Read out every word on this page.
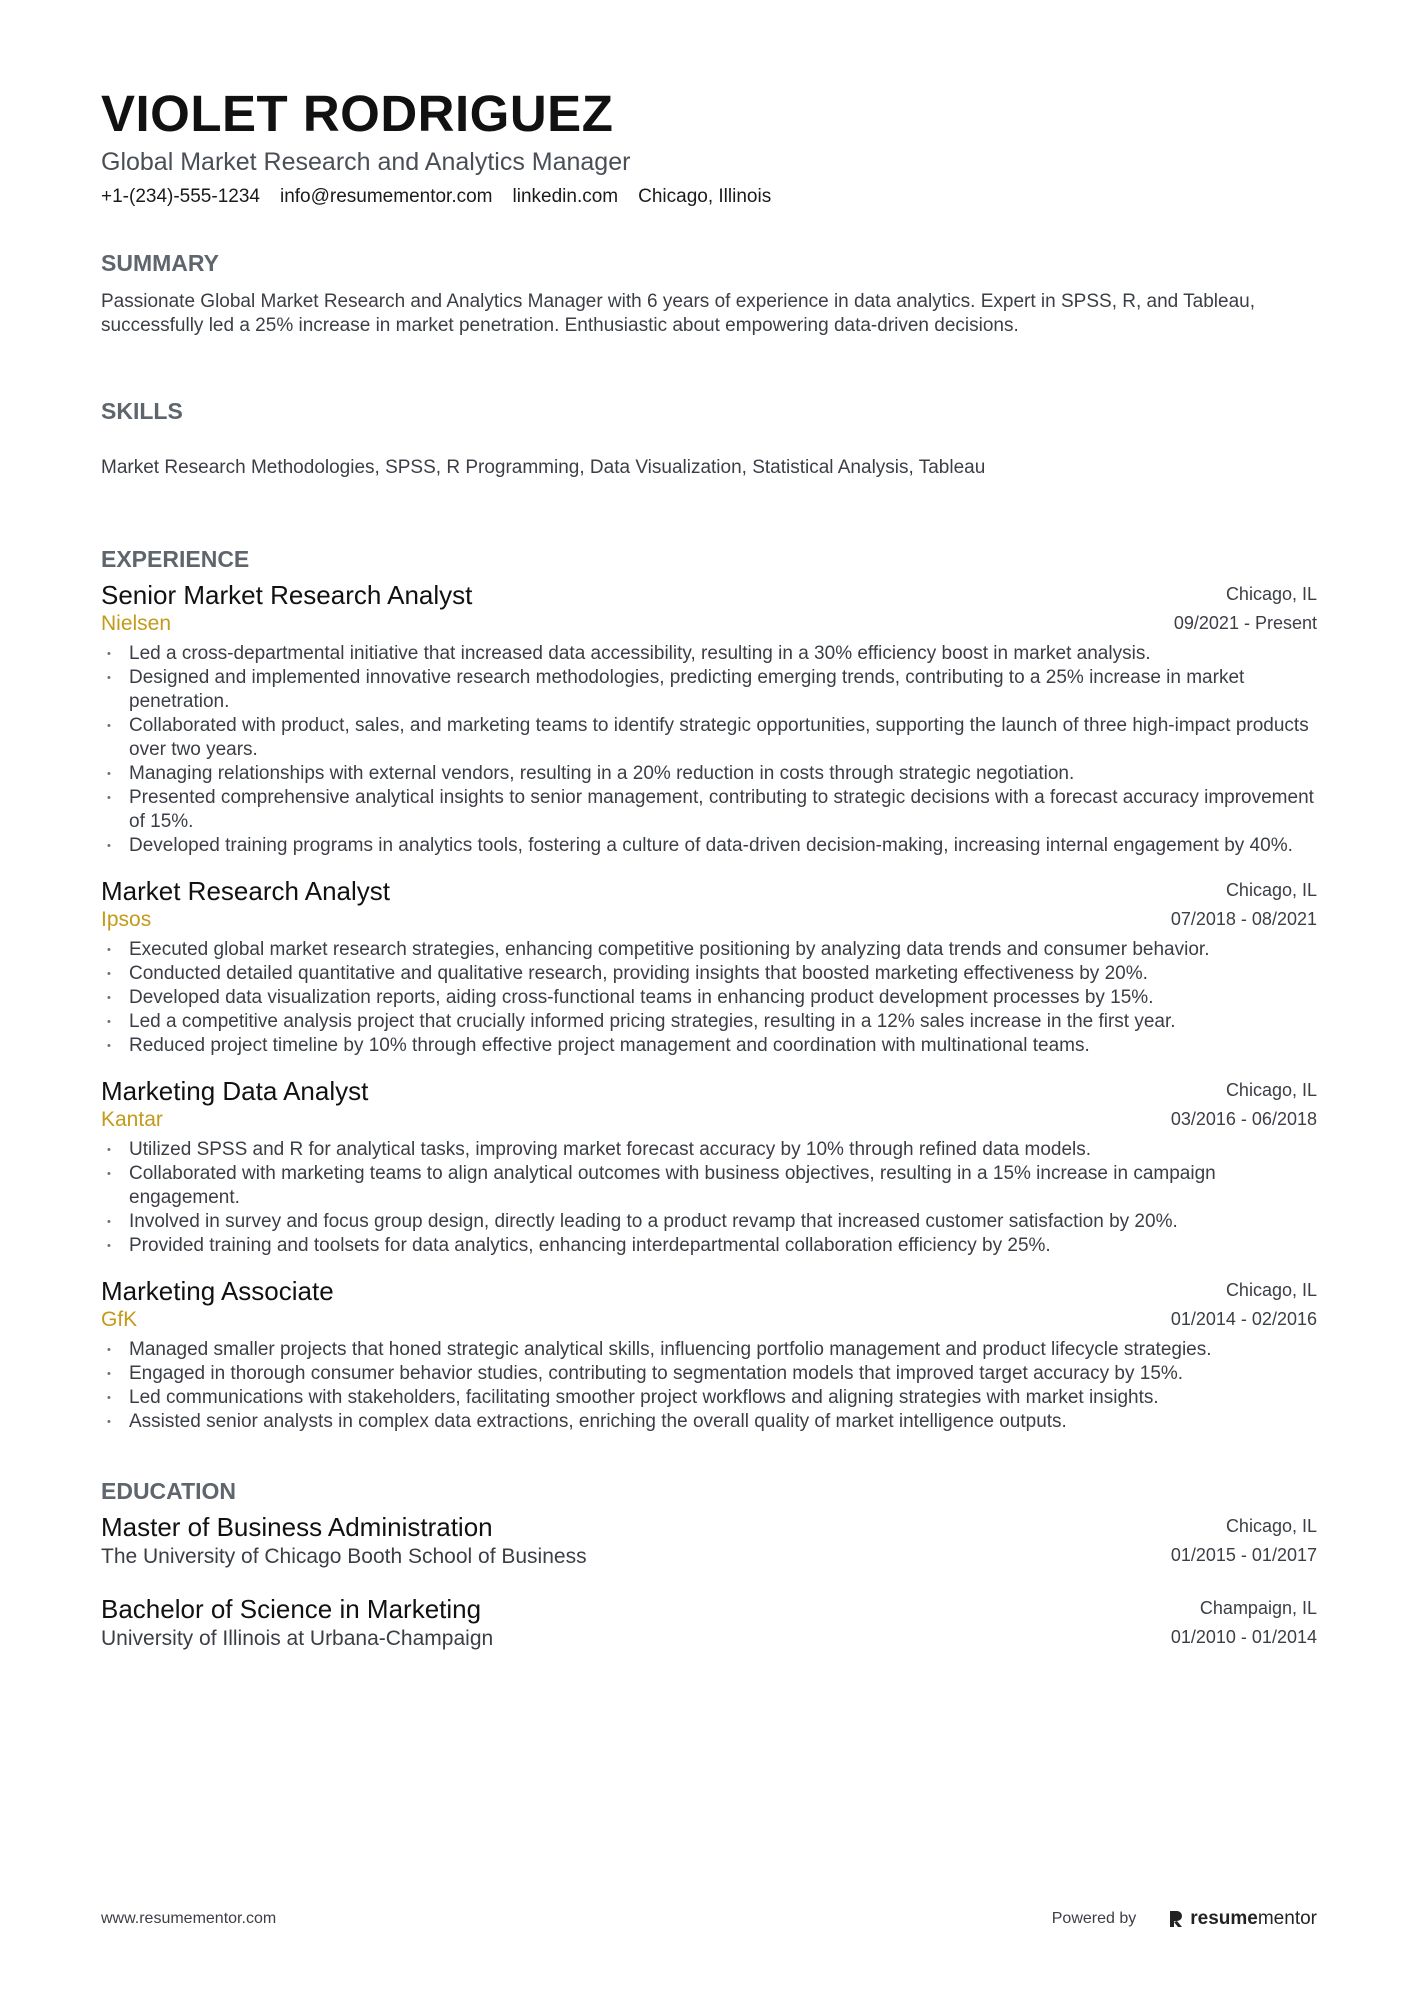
VIOLET RODRIGUEZ
Global Market Research and Analytics Manager
+1-(234)-555-1234 info@resumementor.com linkedin.com Chicago, Illinois
SUMMARY
Passionate Global Market Research and Analytics Manager with 6 years of experience in data analytics. Expert in SPSS, R, and Tableau, successfully led a 25% increase in market penetration. Enthusiastic about empowering data-driven decisions.
SKILLS
Market Research Methodologies, SPSS, R Programming, Data Visualization, Statistical Analysis, Tableau
EXPERIENCE
Senior Market Research Analyst
Nielsen
Chicago, IL
09/2021 - Present
• Led a cross-departmental initiative that increased data accessibility, resulting in a 30% efficiency boost in market analysis.
• Designed and implemented innovative research methodologies, predicting emerging trends, contributing to a 25% increase in market penetration.
• Collaborated with product, sales, and marketing teams to identify strategic opportunities, supporting the launch of three high-impact products over two years.
• Managing relationships with external vendors, resulting in a 20% reduction in costs through strategic negotiation.
• Presented comprehensive analytical insights to senior management, contributing to strategic decisions with a forecast accuracy improvement of 15%.
• Developed training programs in analytics tools, fostering a culture of data-driven decision-making, increasing internal engagement by 40%.
Market Research Analyst
Ipsos
Chicago, IL
07/2018 - 08/2021
• Executed global market research strategies, enhancing competitive positioning by analyzing data trends and consumer behavior.
• Conducted detailed quantitative and qualitative research, providing insights that boosted marketing effectiveness by 20%.
• Developed data visualization reports, aiding cross-functional teams in enhancing product development processes by 15%.
• Led a competitive analysis project that crucially informed pricing strategies, resulting in a 12% sales increase in the first year.
• Reduced project timeline by 10% through effective project management and coordination with multinational teams.
Marketing Data Analyst
Kantar
Chicago, IL
03/2016 - 06/2018
• Utilized SPSS and R for analytical tasks, improving market forecast accuracy by 10% through refined data models.
• Collaborated with marketing teams to align analytical outcomes with business objectives, resulting in a 15% increase in campaign engagement.
• Involved in survey and focus group design, directly leading to a product revamp that increased customer satisfaction by 20%.
• Provided training and toolsets for data analytics, enhancing interdepartmental collaboration efficiency by 25%.
Marketing Associate
GfK
Chicago, IL
01/2014 - 02/2016
• Managed smaller projects that honed strategic analytical skills, influencing portfolio management and product lifecycle strategies.
• Engaged in thorough consumer behavior studies, contributing to segmentation models that improved target accuracy by 15%.
• Led communications with stakeholders, facilitating smoother project workflows and aligning strategies with market insights.
• Assisted senior analysts in complex data extractions, enriching the overall quality of market intelligence outputs.
EDUCATION
Master of Business Administration
The University of Chicago Booth School of Business
Chicago, IL
01/2015 - 01/2017
Bachelor of Science in Marketing
University of Illinois at Urbana-Champaign
Champaign, IL
01/2010 - 01/2014
www.resumementor.com	Powered by	resumementor
